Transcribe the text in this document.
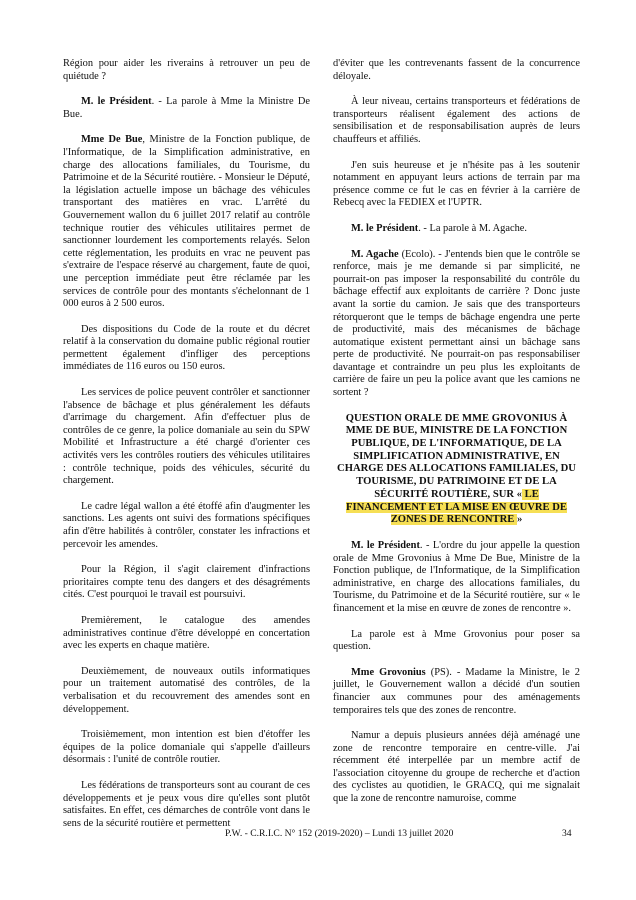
Région pour aider les riverains à retrouver un peu de quiétude ?

M. le Président. - La parole à Mme la Ministre De Bue.

Mme De Bue, Ministre de la Fonction publique, de l'Informatique, de la Simplification administrative, en charge des allocations familiales, du Tourisme, du Patrimoine et de la Sécurité routière. - Monsieur le Député, la législation actuelle impose un bâchage des véhicules transportant des matières en vrac. L'arrêté du Gouvernement wallon du 6 juillet 2017 relatif au contrôle technique routier des véhicules utilitaires permet de sanctionner lourdement les comportements relayés. Selon cette réglementation, les produits en vrac ne peuvent pas s'extraire de l'espace réservé au chargement, faute de quoi, une perception immédiate peut être réclamée par les services de contrôle pour des montants s'échelonnant de 1 000 euros à 2 500 euros.

Des dispositions du Code de la route et du décret relatif à la conservation du domaine public régional routier permettent également d'infliger des perceptions immédiates de 116 euros ou 150 euros.

Les services de police peuvent contrôler et sanctionner l'absence de bâchage et plus généralement les défauts d'arrimage du chargement. Afin d'effectuer plus de contrôles de ce genre, la police domaniale au sein du SPW Mobilité et Infrastructure a été chargé d'orienter ces activités vers les contrôles routiers des véhicules utilitaires : contrôle technique, poids des véhicules, sécurité du chargement.

Le cadre légal wallon a été étoffé afin d'augmenter les sanctions. Les agents ont suivi des formations spécifiques afin d'être habilités à contrôler, constater les infractions et percevoir les amendes.

Pour la Région, il s'agit clairement d'infractions prioritaires compte tenu des dangers et des désagréments cités. C'est pourquoi le travail est poursuivi.

Premièrement, le catalogue des amendes administratives continue d'être développé en concertation avec les experts en chaque matière.

Deuxièmement, de nouveaux outils informatiques pour un traitement automatisé des contrôles, de la verbalisation et du recouvrement des amendes sont en développement.

Troisièmement, mon intention est bien d'étoffer les équipes de la police domaniale qui s'appelle d'ailleurs désormais : l'unité de contrôle routier.

Les fédérations de transporteurs sont au courant de ces développements et je peux vous dire qu'elles sont plutôt satisfaites. En effet, ces démarches de contrôle vont dans le sens de la sécurité routière et permettent

d'éviter que les contrevenants fassent de la concurrence déloyale.

À leur niveau, certains transporteurs et fédérations de transporteurs réalisent également des actions de sensibilisation et de responsabilisation auprès de leurs chauffeurs et affiliés.

J'en suis heureuse et je n'hésite pas à les soutenir notamment en appuyant leurs actions de terrain par ma présence comme ce fut le cas en février à la carrière de Rebecq avec la FEDIEX et l'UPTR.

M. le Président. - La parole à M. Agache.

M. Agache (Ecolo). - J'entends bien que le contrôle se renforce, mais je me demande si par simplicité, ne pourrait-on pas imposer la responsabilité du contrôle du bâchage effectif aux exploitants de carrière ? Donc juste avant la sortie du camion. Je sais que des transporteurs rétorqueront que le temps de bâchage engendra une perte de productivité, mais des mécanismes de bâchage automatique existent permettant ainsi un bâchage sans perte de productivité. Ne pourrait-on pas responsabiliser davantage et contraindre un peu plus les exploitants de carrière de faire un peu la police avant que les camions ne sortent ?

QUESTION ORALE DE MME GROVONIUS À MME DE BUE, MINISTRE DE LA FONCTION PUBLIQUE, DE L'INFORMATIQUE, DE LA SIMPLIFICATION ADMINISTRATIVE, EN CHARGE DES ALLOCATIONS FAMILIALES, DU TOURISME, DU PATRIMOINE ET DE LA SÉCURITÉ ROUTIÈRE, SUR « LE FINANCEMENT ET LA MISE EN ŒUVRE DE ZONES DE RENCONTRE »

M. le Président. - L'ordre du jour appelle la question orale de Mme Grovonius à Mme De Bue, Ministre de la Fonction publique, de l'Informatique, de la Simplification administrative, en charge des allocations familiales, du Tourisme, du Patrimoine et de la Sécurité routière, sur « le financement et la mise en œuvre de zones de rencontre ».

La parole est à Mme Grovonius pour poser sa question.

Mme Grovonius (PS). - Madame la Ministre, le 2 juillet, le Gouvernement wallon a décidé d'un soutien financier aux communes pour des aménagements temporaires tels que des zones de rencontre.

Namur a depuis plusieurs années déjà aménagé une zone de rencontre temporaire en centre-ville. J'ai récemment été interpellée par un membre actif de l'association citoyenne du groupe de recherche et d'action des cyclistes au quotidien, le GRACQ, qui me signalait que la zone de rencontre namuroise, comme

P.W. - C.R.I.C. N° 152 (2019-2020) – Lundi 13 juillet 2020	34
